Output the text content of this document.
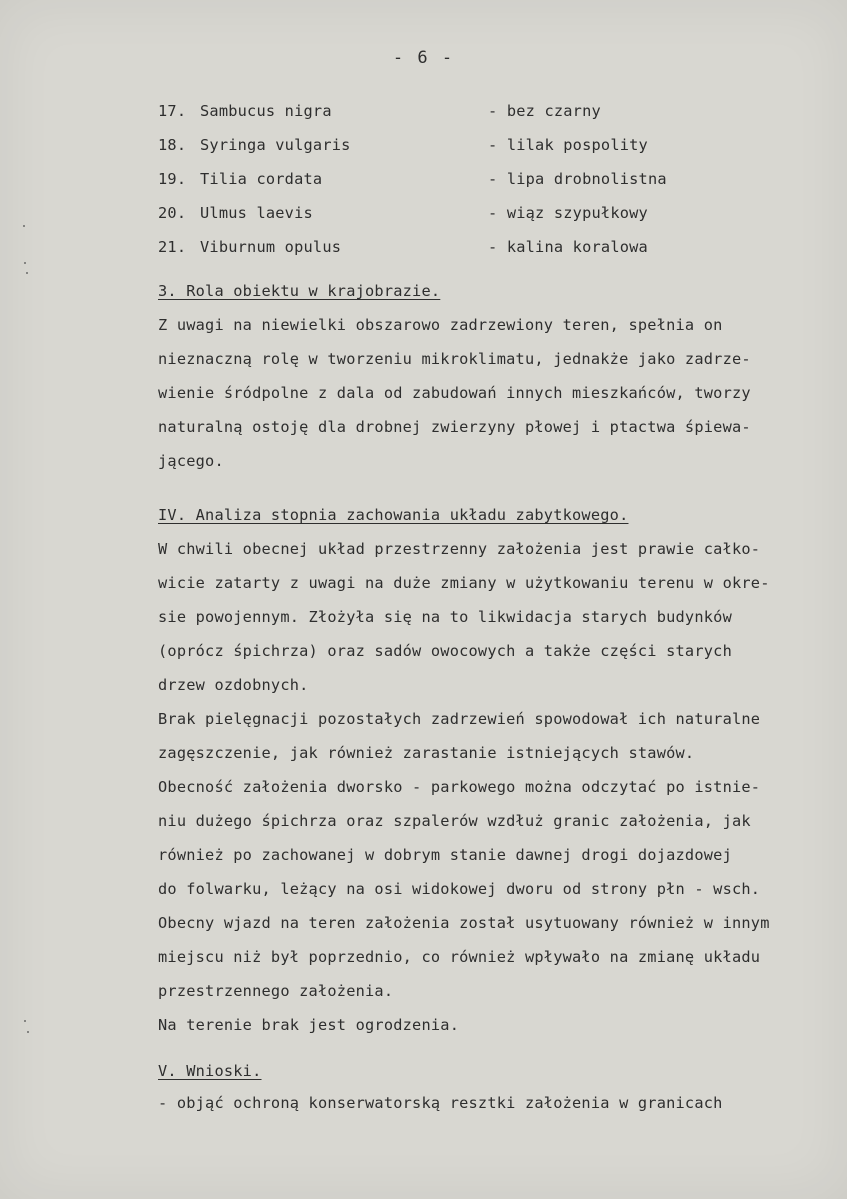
- 6 -
17. Sambucus nigra	- bez czarny
18. Syringa vulgaris	- lilak pospolity
19. Tilia cordata	- lipa drobnolistna
20. Ulmus laevis	- wiąz szypułkowy
21. Viburnum opulus	- kalina koralowa
3. Rola obiektu w krajobrazie.
Z uwagi na niewielki obszarowo zadrzewiony teren, spełnia on
nieznaczną rolę w tworzeniu mikroklimatu, jednakże jako zadrze-
wienie śródpolne z dala od zabudowań innych mieszkańców, tworzy
naturalną ostoję dla drobnej zwierzyny płowej i ptactwa śpiewa-
jącego.
IV. Analiza stopnia zachowania układu zabytkowego.
W chwili obecnej układ przestrzenny założenia jest prawie całko-
wicie zatarty z uwagi na duże zmiany w użytkowaniu terenu w okre-
sie powojennym. Złożyła się na to likwidacja starych budynków
(oprócz śpichrza) oraz sadów owocowych a także części starych
drzew ozdobnych.
Brak pielęgnacji pozostałych zadrzewień spowodował ich naturalne
zagęszczenie, jak również zarastanie istniejących stawów.
Obecność założenia dworsko - parkowego można odczytać po istnie-
niu dużego śpichrza oraz szpalerów wzdłuż granic założenia, jak
również po zachowanej w dobrym stanie dawnej drogi dojazdowej
do folwarku, leżący na osi widokowej dworu od strony płn - wsch.
Obecny wjazd na teren założenia został usytuowany również w innym
miejscu niż był poprzednio, co również wpływało na zmianę układu
przestrzennego założenia.
Na terenie brak jest ogrodzenia.
V. Wnioski.
- objąć ochroną konserwatorską resztki założenia w granicach
